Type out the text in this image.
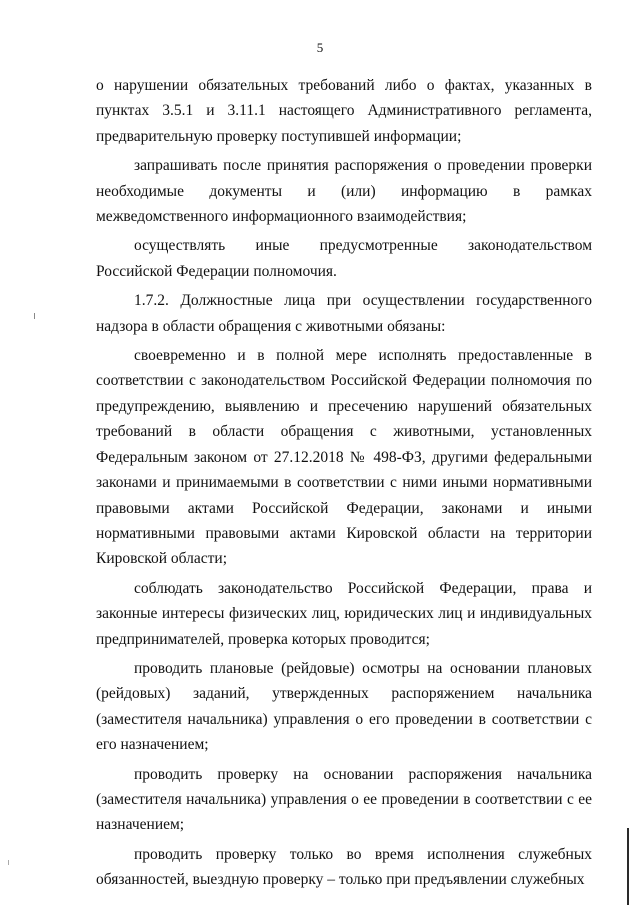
5

о нарушении обязательных требований либо о фактах, указанных в пунктах 3.5.1 и 3.11.1 настоящего Административного регламента, предварительную проверку поступившей информации;

запрашивать после принятия распоряжения о проведении проверки необходимые документы и (или) информацию в рамках межведомственного информационного взаимодействия;

осуществлять иные предусмотренные законодательством Российской Федерации полномочия.

1.7.2. Должностные лица при осуществлении государственного надзора в области обращения с животными обязаны:

своевременно и в полной мере исполнять предоставленные в соответствии с законодательством Российской Федерации полномочия по предупреждению, выявлению и пресечению нарушений обязательных требований в области обращения с животными, установленных Федеральным законом от 27.12.2018 № 498-ФЗ, другими федеральными законами и принимаемыми в соответствии с ними иными нормативными правовыми актами Российской Федерации, законами и иными нормативными правовыми актами Кировской области на территории Кировской области;

соблюдать законодательство Российской Федерации, права и законные интересы физических лиц, юридических лиц и индивидуальных предпринимателей, проверка которых проводится;

проводить плановые (рейдовые) осмотры на основании плановых (рейдовых) заданий, утвержденных распоряжением начальника (заместителя начальника) управления о его проведении в соответствии с его назначением;

проводить проверку на основании распоряжения начальника (заместителя начальника) управления о ее проведении в соответствии с ее назначением;

проводить проверку только во время исполнения служебных обязанностей, выездную проверку – только при предъявлении служебных
